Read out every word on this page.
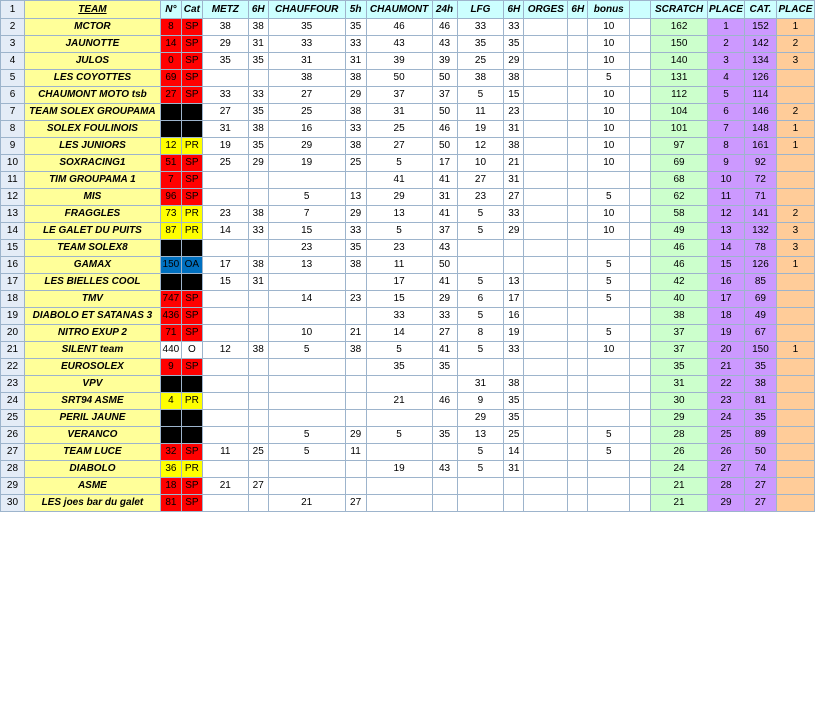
1	TEAM	N°	Cat	METZ	6H	CHAUFFOUR	5h	CHAUMONT	24h	LFG	6H	ORGES	6H	bonus		SCRATCH	PLACE	CAT.	PLACE
2	MCTOR	8	SP	38	38	35	35	46	46	33	33			10		162	1	152	1
3	JAUNOTTE	14	SP	29	31	33	33	43	43	35	35			10		150	2	142	2
4	JULOS	0	SP	35	35	31	31	39	39	25	29			10		140	3	134	3
5	LES COYOTTES	69	SP			38	38	50	50	38	38			5		131	4	126	
6	CHAUMONT MOTO tsb	27	SP	33	33	27	29	37	37	5	15			10		112	5	114	
7	TEAM SOLEX GROUPAMA	37	P	27	35	25	38	31	50	11	23			10		104	6	146	2
8	SOLEX FOULINOIS	23	P	31	38	16	33	25	46	19	31			10		101	7	148	1
9	LES JUNIORS	12	PR	19	35	29	38	27	50	12	38			10		97	8	161	1
10	SOXRACING1	51	SP	25	29	19	25	5	17	10	21			10		69	9	92	
11	TIM GROUPAMA 1	7	SP					41	41	27	31					68	10	72	
12	MIS	96	SP			5	13	29	31	23	27			5		62	11	71	
13	FRAGGLES	73	PR	23	38	7	29	13	41	5	33			10		58	12	141	2
14	LE GALET DU PUITS	87	PR	14	33	15	33	5	37	5	29			10		49	13	132	3
15	TEAM SOLEX8	390	P			23	35	23	43							46	14	78	3
16	GAMAX	150	OA	17	38	13	38	11	50					5		46	15	126	1
17	LES BIELLES COOL	19	P	15	31			17	41	5	13			5		42	16	85	
18	TMV	747	SP			14	23	15	29	6	17			5		40	17	69	
19	DIABOLO ET SATANAS 3	436	SP					33	33	5	16					38	18	49	
20	NITRO EXUP 2	71	SP			10	21	14	27	8	19			5		37	19	67	
21	SILENT team	440	O	12	38	5	38	5	41	5	33			10		37	20	150	1
22	EUROSOLEX	9	SP					35	35							35	21	35	
23	VPV	24	P							31	38					31	22	38	
24	SRT94 ASME	4	PR					21	46	9	35					30	23	81	
25	PERIL JAUNE	9	P							29	35					29	24	35	
26	VERANCO	17	P			5	29	5	35	13	25			5		28	25	89	
27	TEAM LUCE	32	SP	11	25	5	11			5	14			5		26	26	50	
28	DIABOLO	36	PR					19	43	5	31					24	27	74	
29	ASME	18	SP	21	27											21	28	27	
30	LES joes bar du galet	81	SP			21	27									21	29	27	
